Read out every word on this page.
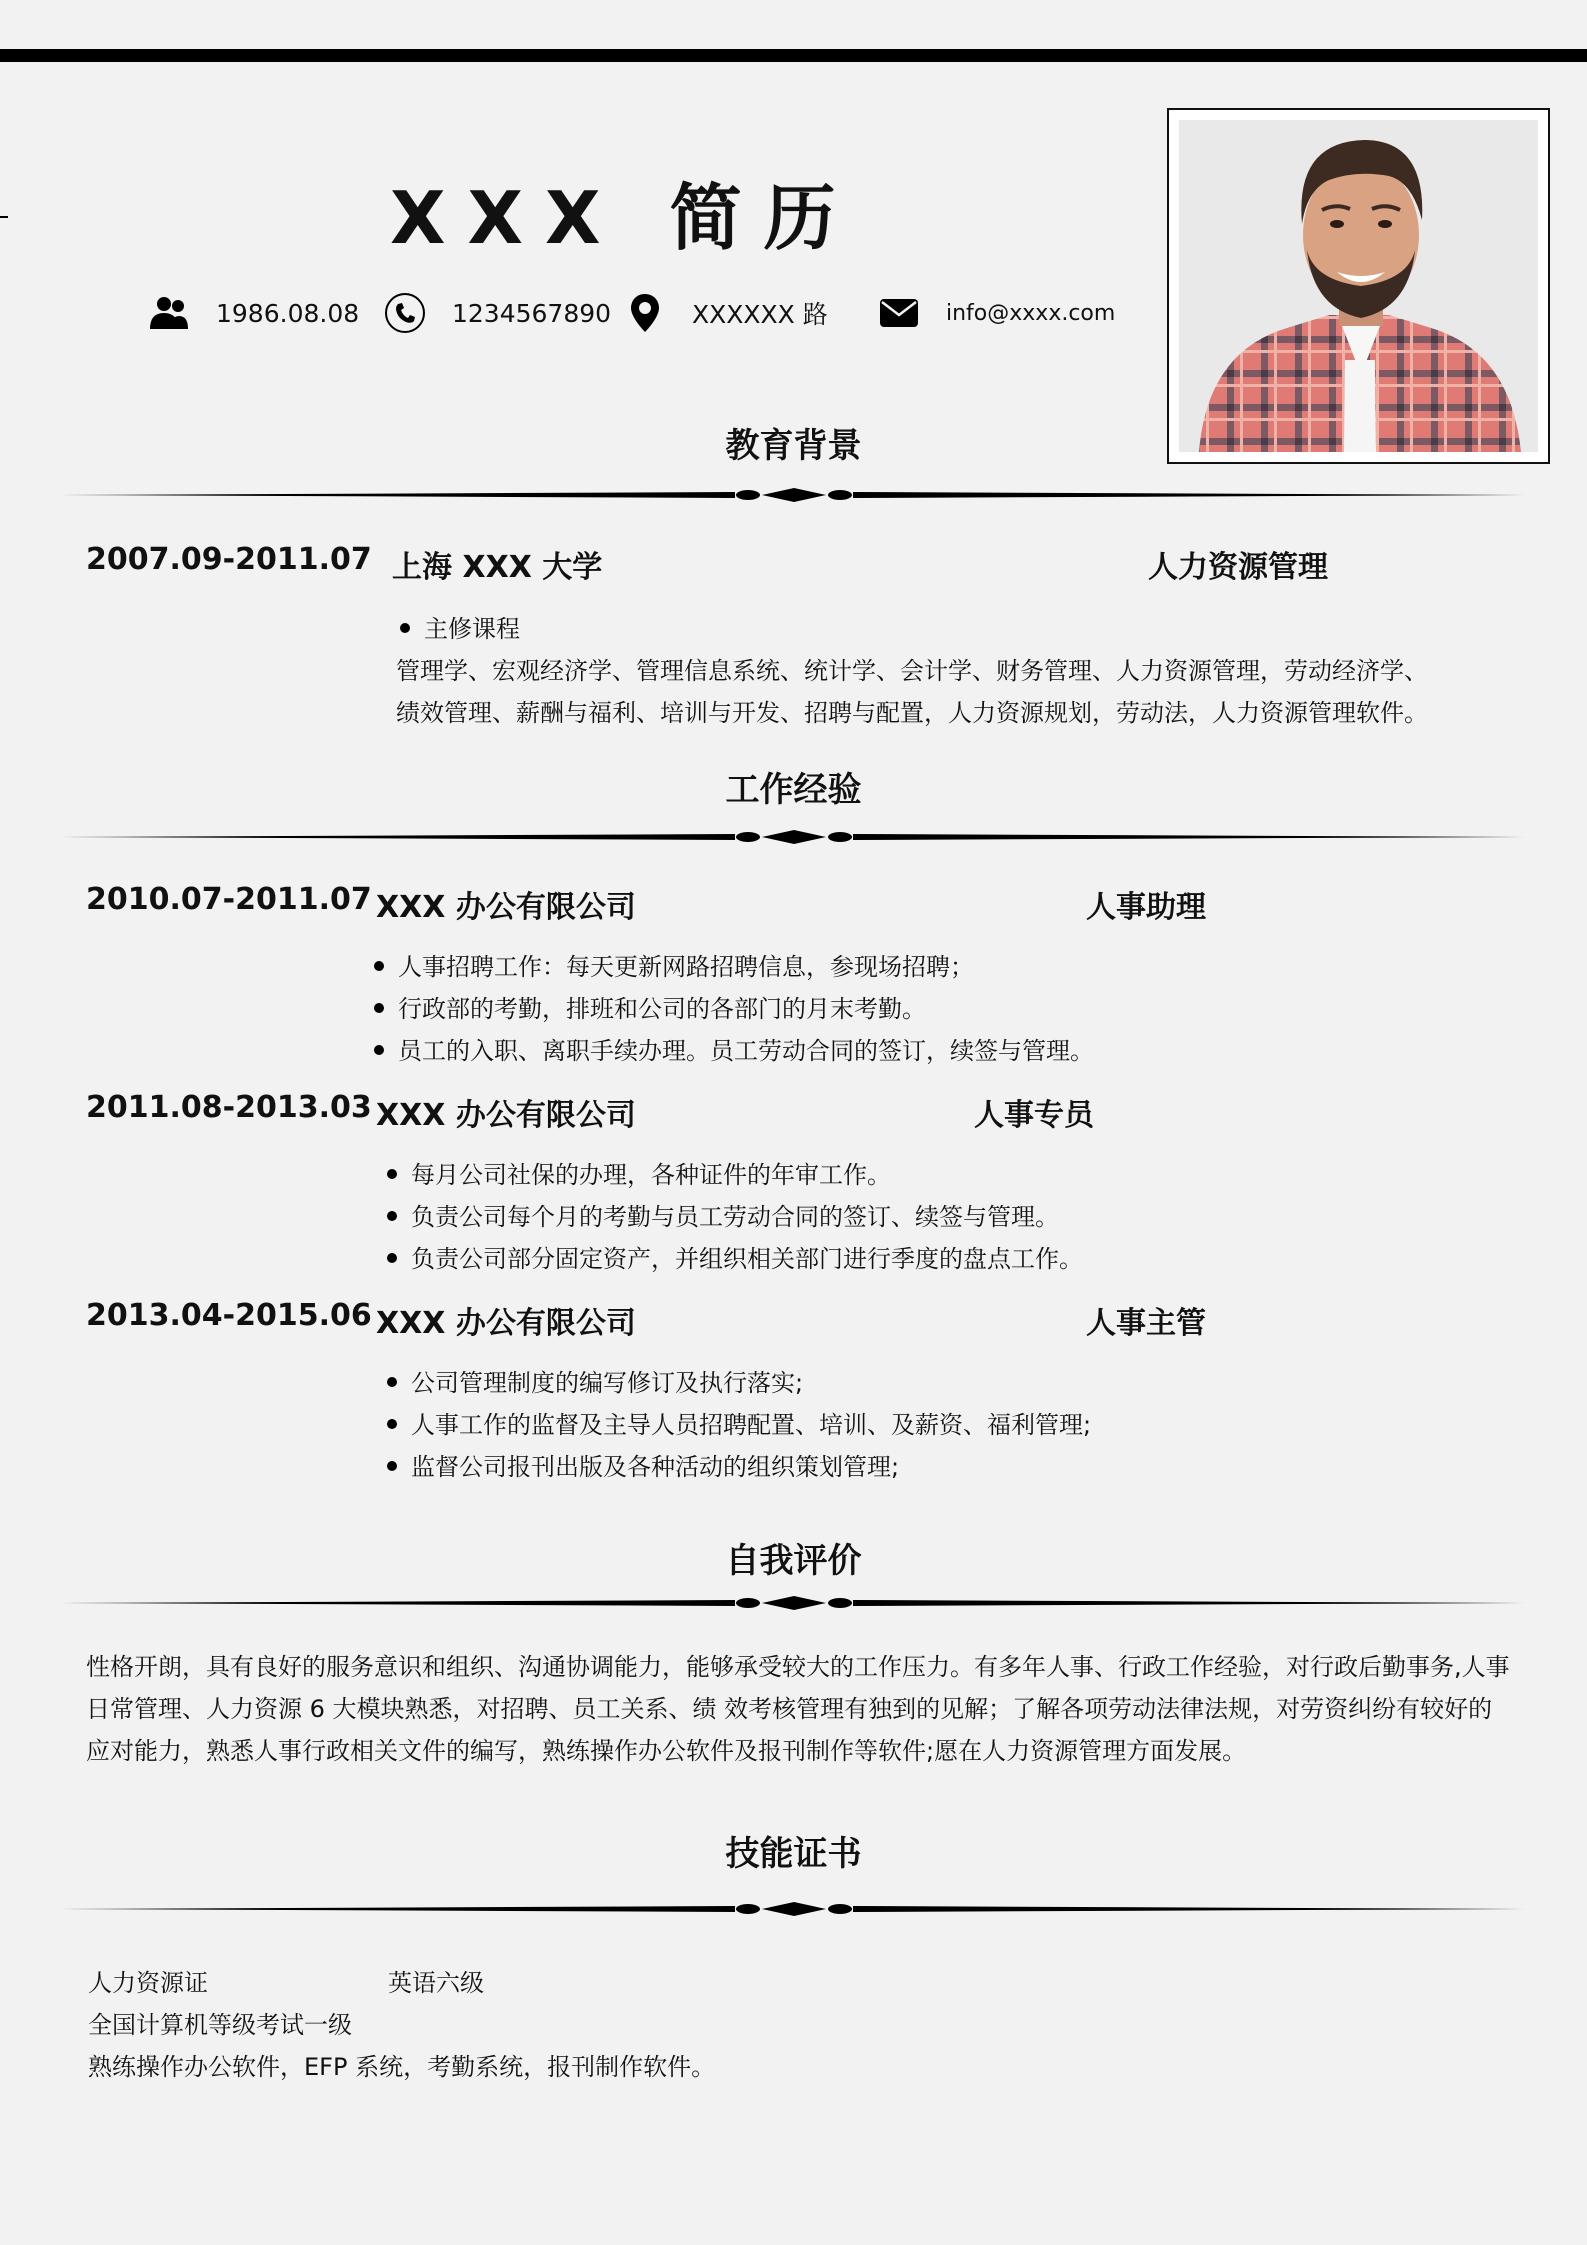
XXX 简历
1986.08.08	1234567890	XXXXXX 路	info@xxxx.com
教育背景
2007.09-2011.07 上海 XXX 大学	人力资源管理
主修课程
管理学、宏观经济学、管理信息系统、统计学、会计学、财务管理、人力资源管理，劳动经济学、
绩效管理、薪酬与福利、培训与开发、招聘与配置，人力资源规划，劳动法，人力资源管理软件。
工作经验
2010.07-2011.07 XXX 办公有限公司	人事助理
人事招聘工作：每天更新网路招聘信息，参现场招聘；
行政部的考勤，排班和公司的各部门的月末考勤。
员工的入职、离职手续办理。员工劳动合同的签订，续签与管理。
2011.08-2013.03 XXX 办公有限公司	人事专员
每月公司社保的办理，各种证件的年审工作。
负责公司每个月的考勤与员工劳动合同的签订、续签与管理。
负责公司部分固定资产，并组织相关部门进行季度的盘点工作。
2013.04-2015.06 XXX 办公有限公司	人事主管
公司管理制度的编写修订及执行落实;
人事工作的监督及主导人员招聘配置、培训、及薪资、福利管理;
监督公司报刊出版及各种活动的组织策划管理;
自我评价
性格开朗，具有良好的服务意识和组织、沟通协调能力，能够承受较大的工作压力。有多年人事、行政工作经验，对行政后勤事务,人事
日常管理、人力资源 6 大模块熟悉，对招聘、员工关系、绩 效考核管理有独到的见解；了解各项劳动法律法规，对劳资纠纷有较好的
应对能力，熟悉人事行政相关文件的编写，熟练操作办公软件及报刊制作等软件;愿在人力资源管理方面发展。
技能证书
人力资源证	英语六级
全国计算机等级考试一级
熟练操作办公软件，EFP 系统，考勤系统，报刊制作软件。
